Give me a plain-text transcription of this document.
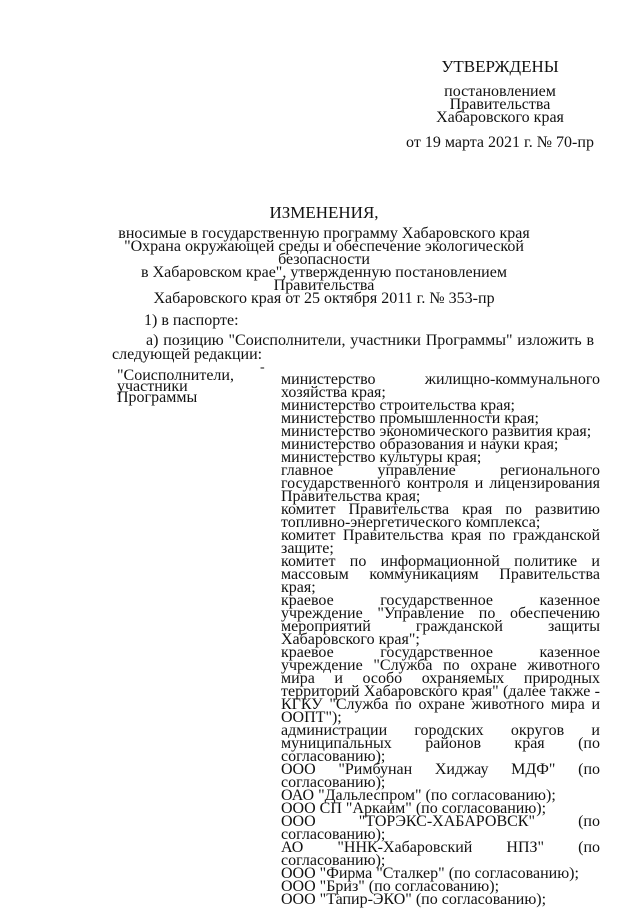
УТВЕРЖДЕНЫ
постановлением
Правительства
Хабаровского края
от 19 марта 2021 г. № 70-пр
ИЗМЕНЕНИЯ,
вносимые в государственную программу Хабаровского края
"Охрана окружающей среды и обеспечение экологической безопасности
в Хабаровском крае", утвержденную постановлением Правительства
Хабаровского края от 25 октября 2011 г. № 353-пр
1) в паспорте:
а) позицию "Соисполнители, участники Программы" изложить в следующей редакции:
"Соисполнители, участники Программы
-

министерство жилищно-коммунального хозяйства края;

министерство строительства края;

министерство промышленности края;

министерство экономического развития края;

министерство образования и науки края;

министерство культуры края;

главное управление регионального государственного контроля и лицензирования Правительства края;

комитет Правительства края по развитию топливно-энергетического комплекса;

комитет Правительства края по гражданской защите;

комитет по информационной политике и массовым коммуникациям Правительства края;

краевое государственное казенное учреждение "Управление по обеспечению мероприятий гражданской защиты Хабаровского края";

краевое государственное казенное учреждение "Служба по охране животного мира и особо охраняемых природных территорий Хабаровского края" (далее также - КГКУ "Служба по охране животного мира и ООПТ");

администрации городских округов и муниципальных районов края (по согласованию);

ООО "Римбунан Хиджау МДФ" (по согласованию);

ОАО "Дальлеспром" (по согласованию);

ООО СП "Аркаим" (по согласованию);

ООО "ТОРЭКС-ХАБАРОВСК" (по согласованию);

АО "ННК-Хабаровский НПЗ" (по согласованию);

ООО "Фирма "Сталкер" (по согласованию);

ООО "Бриз" (по согласованию);

ООО "Тапир-ЭКО" (по согласованию);
